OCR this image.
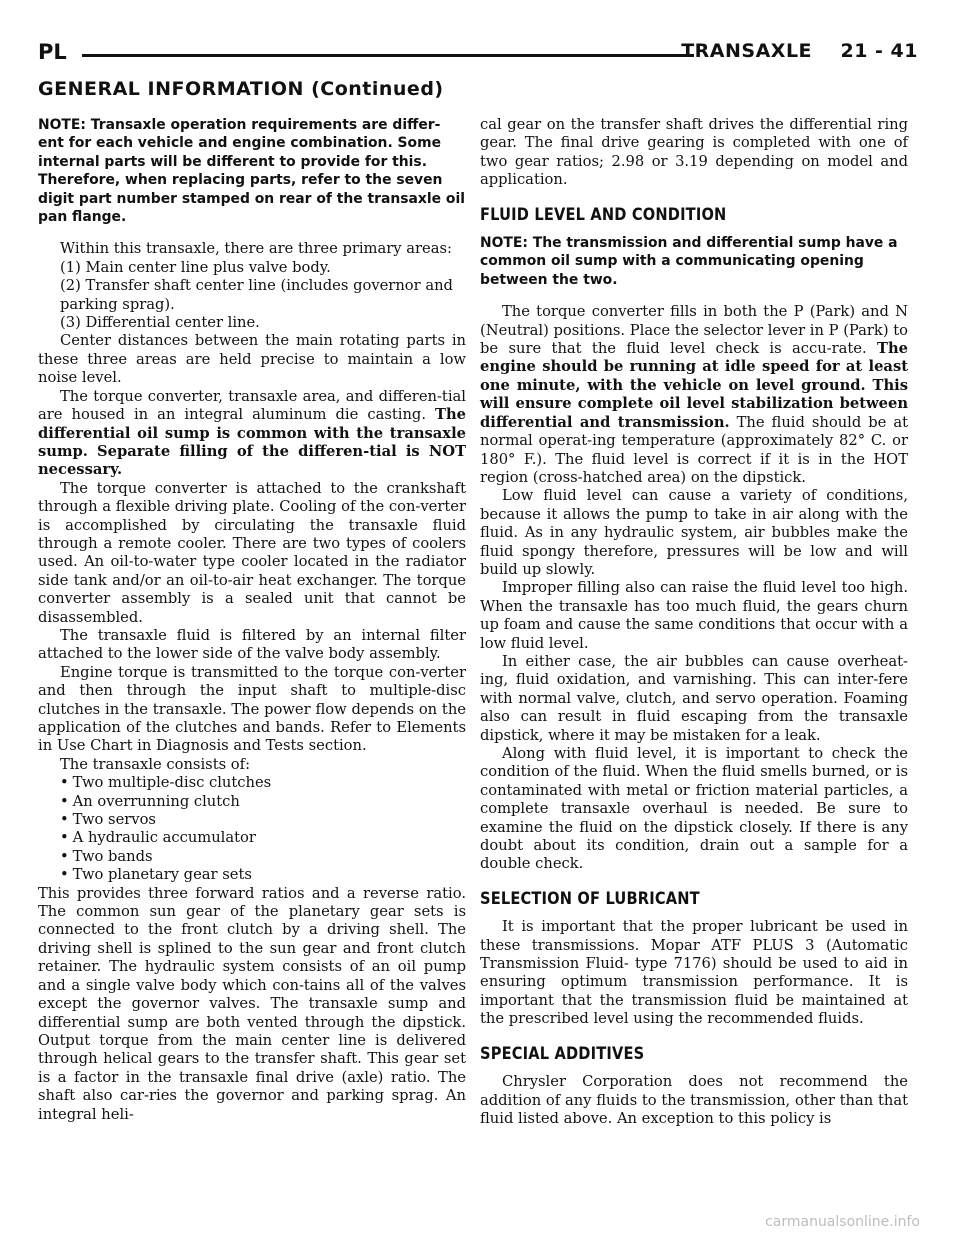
PL	TRANSAXLE    21 - 41
GENERAL INFORMATION (Continued)

NOTE: Transaxle operation requirements are differ-ent for each vehicle and engine combination. Some internal parts will be different to provide for this. Therefore, when replacing parts, refer to the seven digit part number stamped on rear of the transaxle oil pan flange.

Within this transaxle, there are three primary areas:

(1) Main center line plus valve body.

(2) Transfer shaft center line (includes governor and parking sprag).

(3) Differential center line.

Center distances between the main rotating parts in these three areas are held precise to maintain a low noise level.

The torque converter, transaxle area, and differen-tial are housed in an integral aluminum die casting. The differential oil sump is common with the transaxle sump. Separate filling of the differen-tial is NOT necessary.

The torque converter is attached to the crankshaft through a flexible driving plate. Cooling of the con-verter is accomplished by circulating the transaxle fluid through a remote cooler. There are two types of coolers used. An oil-to-water type cooler located in the radiator side tank and/or an oil-to-air heat exchanger. The torque converter assembly is a sealed unit that cannot be disassembled.

The transaxle fluid is filtered by an internal filter attached to the lower side of the valve body assembly.

Engine torque is transmitted to the torque con-verter and then through the input shaft to multiple-disc clutches in the transaxle. The power flow depends on the application of the clutches and bands. Refer to Elements in Use Chart in Diagnosis and Tests section.

The transaxle consists of:

• Two multiple-disc clutches

• An overrunning clutch

• Two servos

• A hydraulic accumulator

• Two bands

• Two planetary gear sets

This provides three forward ratios and a reverse ratio. The common sun gear of the planetary gear sets is connected to the front clutch by a driving shell. The driving shell is splined to the sun gear and front clutch retainer. The hydraulic system consists of an oil pump and a single valve body which con-tains all of the valves except the governor valves. The transaxle sump and differential sump are both vented through the dipstick. Output torque from the main center line is delivered through helical gears to the transfer shaft. This gear set is a factor in the transaxle final drive (axle) ratio. The shaft also car-ries the governor and parking sprag. An integral heli-

cal gear on the transfer shaft drives the differential ring gear. The final drive gearing is completed with one of two gear ratios; 2.98 or 3.19 depending on model and application.

FLUID LEVEL AND CONDITION

NOTE: The transmission and differential sump have a common oil sump with a communicating opening between the two.

The torque converter fills in both the P (Park) and N (Neutral) positions. Place the selector lever in P (Park) to be sure that the fluid level check is accu-rate. The engine should be running at idle speed for at least one minute, with the vehicle on level ground. This will ensure complete oil level stabilization between differential and transmission. The fluid should be at normal operat-ing temperature (approximately 82° C. or 180° F.). The fluid level is correct if it is in the HOT region (cross-hatched area) on the dipstick.

Low fluid level can cause a variety of conditions, because it allows the pump to take in air along with the fluid. As in any hydraulic system, air bubbles make the fluid spongy therefore, pressures will be low and will build up slowly.

Improper filling also can raise the fluid level too high. When the transaxle has too much fluid, the gears churn up foam and cause the same conditions that occur with a low fluid level.

In either case, the air bubbles can cause overheat-ing, fluid oxidation, and varnishing. This can inter-fere with normal valve, clutch, and servo operation. Foaming also can result in fluid escaping from the transaxle dipstick, where it may be mistaken for a leak.

Along with fluid level, it is important to check the condition of the fluid. When the fluid smells burned, or is contaminated with metal or friction material particles, a complete transaxle overhaul is needed. Be sure to examine the fluid on the dipstick closely. If there is any doubt about its condition, drain out a sample for a double check.

SELECTION OF LUBRICANT

It is important that the proper lubricant be used in these transmissions. Mopar ATF PLUS 3 (Automatic Transmission Fluid- type 7176) should be used to aid in ensuring optimum transmission performance. It is important that the transmission fluid be maintained at the prescribed level using the recommended fluids.

SPECIAL ADDITIVES

Chrysler Corporation does not recommend the addition of any fluids to the transmission, other than that fluid listed above. An exception to this policy is

carmanualsonline.info
